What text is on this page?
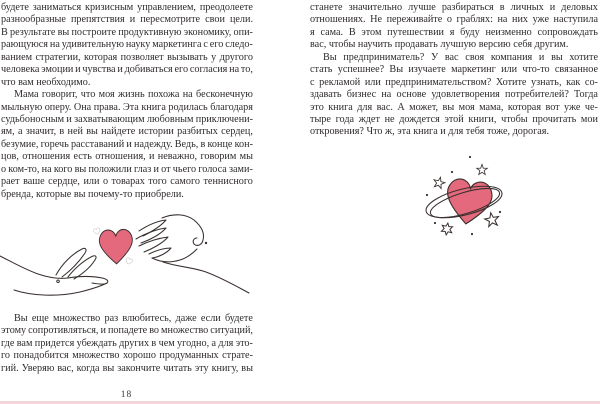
будете заниматься кризисным управлением, преодолеете
разнообразные препятствия и пересмотрите свои цели.
В результате вы построите продуктивную экономику, опи-
рающуюся на удивительную науку маркетинга с его следо-
ванием стратегии, которая позволяет вызывать у другого
человека эмоции и чувства и добиваться его согласия на то,
что вам необходимо.
Мама говорит, что моя жизнь похожа на бесконечную
мыльную оперу. Она права. Эта книга родилась благодаря
судьбоносным и захватывающим любовным приключени-
ям, а значит, в ней вы найдете истории разбитых сердец,
безумие, горечь расставаний и надежду. Ведь, в конце кон-
цов, отношения есть отношения, и неважно, говорим мы
о ком-то, на кого вы положили глаз и от чьего голоса зами-
рает ваше сердце, или о товарах того самого теннисного
бренда, которые вы почему-то приобрели.
Вы еще множество раз влюбитесь, даже если будете
этому сопротивляться, и попадете во множество ситуаций,
где вам придется убеждать других в чем угодно, а для это-
го понадобится множество хорошо продуманных страте-
гий. Уверяю вас, когда вы закончите читать эту книгу, вы
18
станете значительно лучше разбираться в личных и деловых
отношениях. Не переживайте о граблях: на них уже наступила
я сама. В этом путешествии я буду неизменно сопровождать
вас, чтобы научить продавать лучшую версию себя другим.
Вы предприниматель? У вас своя компания и вы хотите
стать успешнее? Вы изучаете маркетинг или что-то связанное
с рекламой или предпринимательством? Хотите узнать, как со-
здавать бизнес на основе удовлетворения потребителей? Тогда
это книга для вас. А может, вы моя мама, которая вот уже че-
тыре года ждет не дождется этой книги, чтобы прочитать мои
откровения? Что ж, эта книга и для тебя тоже, дорогая.
